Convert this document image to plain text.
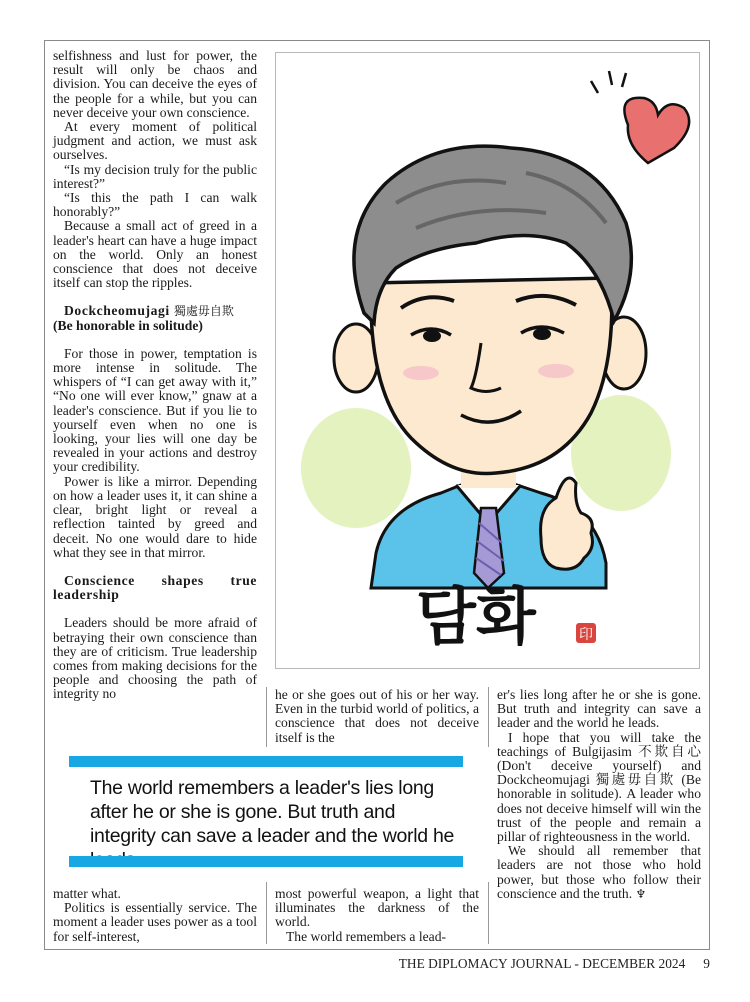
selfishness and lust for power, the result will only be chaos and division. You can deceive the eyes of the people for a while, but you can never deceive your own conscience.

At every moment of political judgment and action, we must ask ourselves.

“Is my decision truly for the public interest?”

“Is this the path I can walk honorably?”

Because a small act of greed in a leader's heart can have a huge impact on the world. Only an honest conscience that does not deceive itself can stop the ripples.

Dockcheomujagi 獨處毋自欺
(Be honorable in solitude)

For those in power, temptation is more intense in solitude. The whispers of “I can get away with it,” “No one will ever know,” gnaw at a leader's conscience. But if you lie to yourself even when no one is looking, your lies will one day be revealed in your actions and destroy your credibility.

Power is like a mirror. Depending on how a leader uses it, it can shine a clear, bright light or reveal a reflection tainted by greed and deceit. No one would dare to hide what they see in that mirror.

Conscience shapes true leadership

Leaders should be more afraid of betraying their own conscience than they are of criticism. True leadership comes from making decisions for the people and choosing the path of integrity no	he or she goes out of his or her way. Even in the turbid world of politics, a conscience that does not deceive itself is the

er's lies long after he or she is gone. But truth and integrity can save a leader and the world he leads.

I hope that you will take the teachings of Bulgijasim 不欺自心 (Don't deceive yourself) and Dockcheomujagi 獨處毋自欺 (Be honorable in solitude). A leader who does not deceive himself will win the trust of the people and remain a pillar of righteousness in the world.

We should all remember that leaders are not those who hold power, but those who follow their conscience and the truth. ♆

The world remembers a leader's lies long after he or she is gone. But truth and integrity can save a leader and the world he

matter what.

Politics is essentially service. The moment a leader uses power as a tool for self-interest,

most powerful weapon, a light that illuminates the darkness of the world.

The world remembers a lead-

담화	印
THE DIPLOMACY JOURNAL - DECEMBER 2024 9
